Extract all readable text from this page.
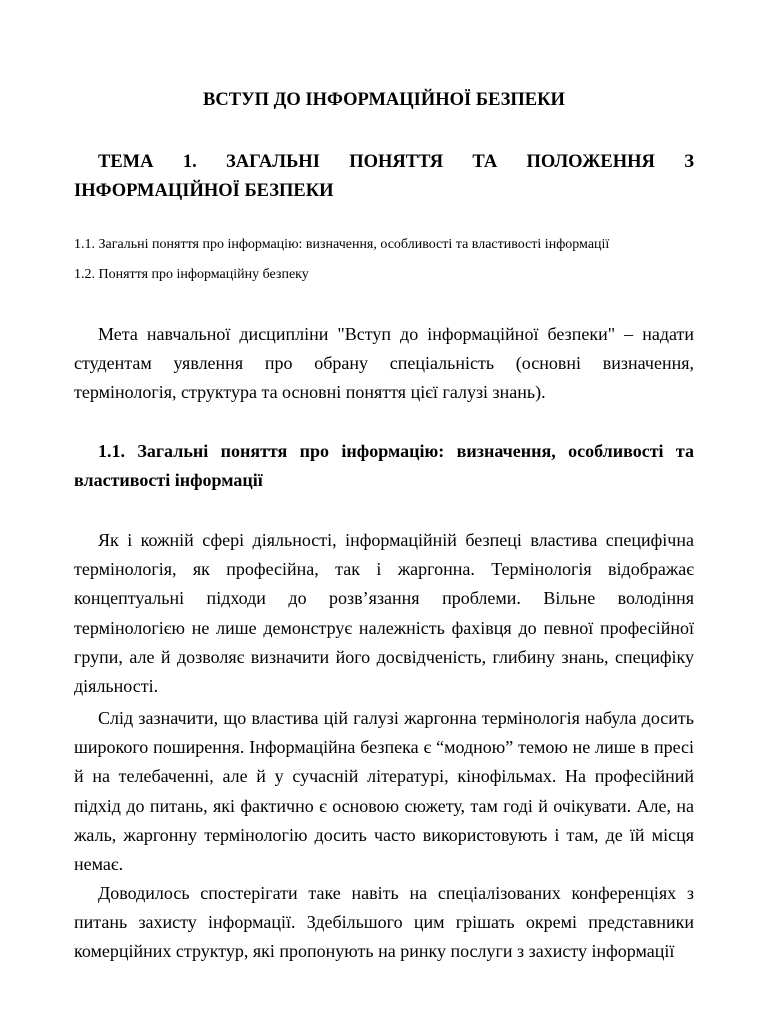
ВСТУП ДО ІНФОРМАЦІЙНОЇ БЕЗПЕКИ
ТЕМА 1. ЗАГАЛЬНІ ПОНЯТТЯ ТА ПОЛОЖЕННЯ З ІНФОРМАЦІЙНОЇ БЕЗПЕКИ

1.1. Загальні поняття про інформацію: визначення, особливості та властивості інформації

1.2. Поняття про інформаційну безпеку

Мета навчальної дисципліни "Вступ до інформаційної безпеки" – надати студентам уявлення про обрану спеціальність (основні визначення, термінологія, структура та основні поняття цієї галузі знань).

1.1. Загальні поняття про інформацію: визначення, особливості та властивості інформації

Як і кожній сфері діяльності, інформаційній безпеці властива специфічна термінологія, як професійна, так і жаргонна. Термінологія відображає концептуальні підходи до розв’язання проблеми. Вільне володіння термінологією не лише демонструє належність фахівця до певної професійної групи, але й дозволяє визначити його досвідченість, глибину знань, специфіку діяльності.

Слід зазначити, що властива цій галузі жаргонна термінологія набула досить широкого поширення. Інформаційна безпека є “модною” темою не лише в пресі й на телебаченні, але й у сучасній літературі, кінофільмах. На професійний підхід до питань, які фактично є основою сюжету, там годі й очікувати. Але, на жаль, жаргонну термінологію досить часто використовують і там, де їй місця немає.

Доводилось спостерігати таке навіть на спеціалізованих конференціях з питань захисту інформації. Здебільшого цим грішать окремі представники комерційних структур, які пропонують на ринку послуги з захисту інформації
